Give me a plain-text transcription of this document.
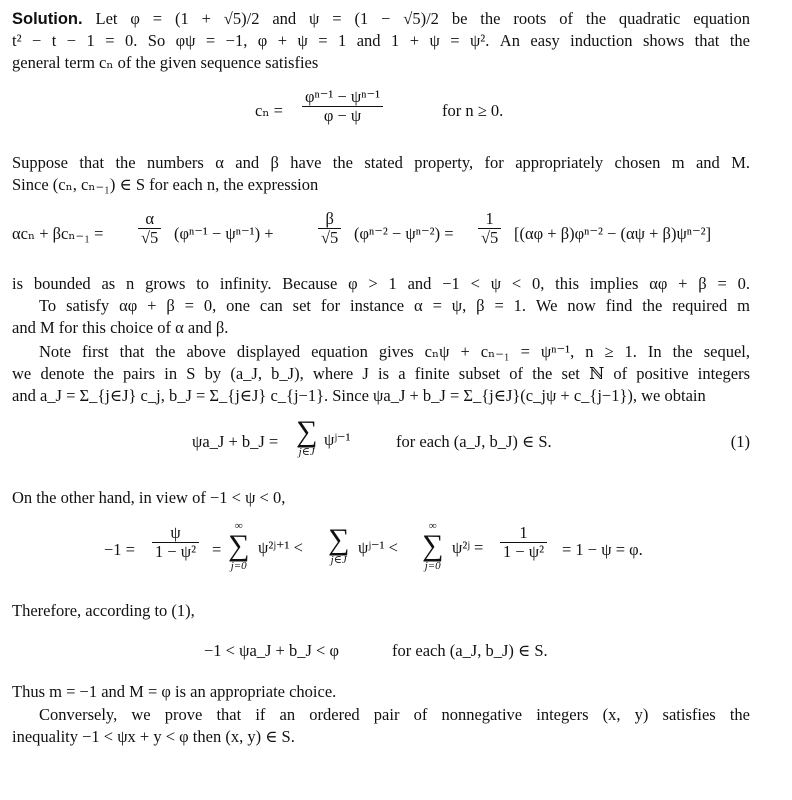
Solution. Let φ = (1 + √5)/2 and ψ = (1 − √5)/2 be the roots of the quadratic equation
t² − t − 1 = 0. So φψ = −1, φ + ψ = 1 and 1 + ψ = ψ². An easy induction shows that the
general term cₙ of the given sequence satisfies
$c_n = \frac{\text{φⁿ⁻¹ − ψⁿ⁻¹}}{\varphi - \psi}$	for n ≥ 0.
Suppose that the numbers α and β have the stated property, for appropriately chosen m and M.
Since (cₙ, cₙ₋₁) ∈ S for each n, the expression
$\alpha c_n + \beta c_{n-1} = \frac{\alpha}{√5} (\varphi^{n-1} - \psi^{n-1})$ +	$\frac{\beta}{√5} (\varphi^{n-2} - \psi^{n-2}) = \frac{1}{√5} [(\alpha\varphi + \beta)\varphi^{n-2} - (\alpha\psi + \beta)\psi^{n-2}]$
is bounded as n grows to infinity. Because φ > 1 and −1 < ψ < 0, this implies αφ + β = 0.
To satisfy αφ + β = 0, one can set for instance α = ψ, β = 1. We now find the required m
and M for this choice of α and β.
Note first that the above displayed equation gives cₙψ + cₙ₋₁ = ψⁿ⁻¹, n ≥ 1. In the sequel,
we denote the pairs in S by (a_J, b_J), where J is a finite subset of the set ℕ of positive integers
and a_J = Σ_{j∈J} c_j, b_J = Σ_{j∈J} c_{j−1}. Since ψa_J + b_J = Σ_{j∈J}(c_jψ + c_{j−1}), we obtain
ψa_J + b_J = ∑
j∈J
ψʲ⁻¹	for each (a_J, b_J) ∈ S.	(1)
On the other hand, in view of −1 < ψ < 0,
$-1 = \frac{\psi}{\text{1 − ψ²}}$ =
∞
∑
j=0
ψ²ʲ⁺¹ < ∑
j∈J
ψʲ⁻¹ <
∞
∑
j=0
ψ²ʲ = $\frac{1}{\text{1 − ψ²}} = 1 - \psi = \varphi$.
Therefore, according to (1),
−1 < ψa_J + b_J < φ	for each (a_J, b_J) ∈ S.
Thus m = −1 and M = φ is an appropriate choice.
Conversely, we prove that if an ordered pair of nonnegative integers (x, y) satisfies the
inequality −1 < ψx + y < φ then (x, y) ∈ S.
